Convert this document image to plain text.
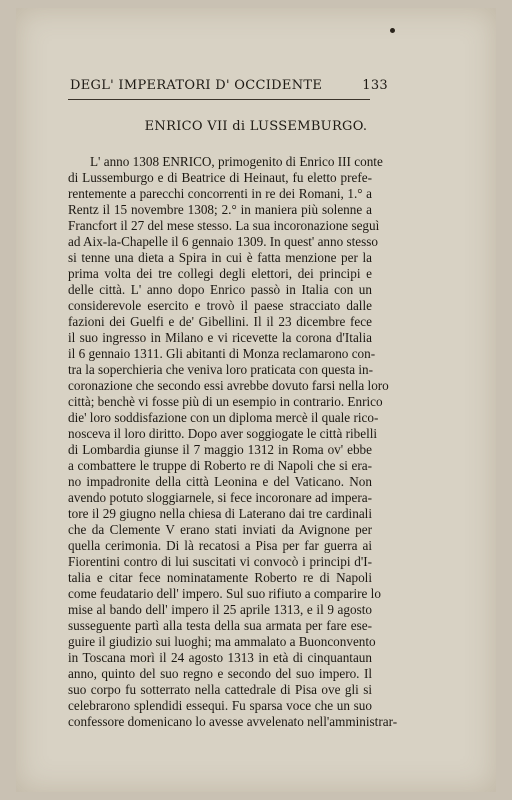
DEGL' IMPERATORI D' OCCIDENTE	133
ENRICO VII di LUSSEMBURGO.
L' anno 1308 ENRICO, primogenito di Enrico III conte
di Lussemburgo e di Beatrice di Heinaut, fu eletto prefe-
rentemente a parecchi concorrenti in re dei Romani, 1.° a
Rentz il 15 novembre 1308; 2.° in maniera più solenne a
Francfort il 27 del mese stesso. La sua incoronazione seguì
ad Aix-la-Chapelle il 6 gennaio 1309. In quest' anno stesso
si tenne una dieta a Spira in cui è fatta menzione per la
prima volta dei tre collegi degli elettori, dei principi e
delle città. L' anno dopo Enrico passò in Italia con un
considerevole esercito e trovò il paese stracciato dalle
fazioni dei Guelfi e de' Gibellini. Il il 23 dicembre fece
il suo ingresso in Milano e vi ricevette la corona d'Italia
il 6 gennaio 1311. Gli abitanti di Monza reclamarono con-
tra la soperchieria che veniva loro praticata con questa in-
coronazione che secondo essi avrebbe dovuto farsi nella loro
città; benchè vi fosse più di un esempio in contrario. Enrico
die' loro soddisfazione con un diploma mercè il quale rico-
nosceva il loro diritto. Dopo aver soggiogate le città ribelli
di Lombardia giunse il 7 maggio 1312 in Roma ov' ebbe
a combattere le truppe di Roberto re di Napoli che si era-
no impadronite della città Leonina e del Vaticano. Non
avendo potuto sloggiarnele, si fece incoronare ad impera-
tore il 29 giugno nella chiesa di Laterano dai tre cardinali
che da Clemente V erano stati inviati da Avignone per
quella cerimonia. Di là recatosi a Pisa per far guerra ai
Fiorentini contro di lui suscitati vi convocò i principi d'I-
talia e citar fece nominatamente Roberto re di Napoli
come feudatario dell' impero. Sul suo rifiuto a comparire lo
mise al bando dell' impero il 25 aprile 1313, e il 9 agosto
susseguente partì alla testa della sua armata per fare ese-
guire il giudizio sui luoghi; ma ammalato a Buonconvento
in Toscana morì il 24 agosto 1313 in età di cinquantaun
anno, quinto del suo regno e secondo del suo impero. Il
suo corpo fu sotterrato nella cattedrale di Pisa ove gli si
celebrarono splendidi essequi. Fu sparsa voce che un suo
confessore domenicano lo avesse avvelenato nell'amministrar-
